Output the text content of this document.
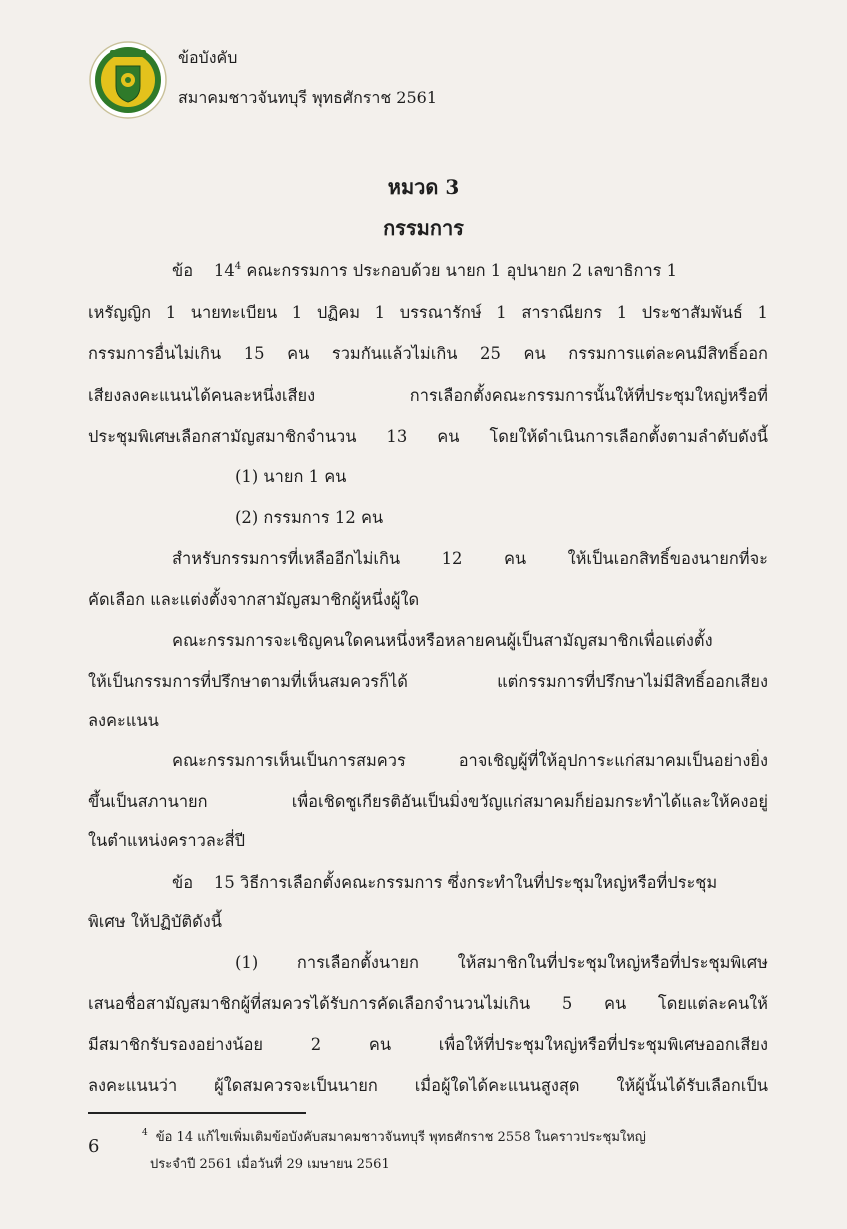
ข้อบังคับ
สมาคมชาวจันทบุรี พุทธศักราช 2561
หมวด 3
กรรมการ
ข้อ $14^4$ คณะกรรมการ ประกอบด้วย นายก 1 อุปนายก 2 เลขาธิการ 1
เหรัญญิก 1 นายทะเบียน 1 ปฏิคม 1 บรรณารักษ์ 1 สาราณียกร 1 ประชาสัมพันธ์ 1
กรรมการอื่นไม่เกิน 15 คน รวมกันแล้วไม่เกิน 25 คน กรรมการแต่ละคนมีสิทธิ์ออก
เสียงลงคะแนนได้คนละหนึ่งเสียง การเลือกตั้งคณะกรรมการนั้นให้ที่ประชุมใหญ่หรือที่
ประชุมพิเศษเลือกสามัญสมาชิกจำนวน 13 คน โดยให้ดำเนินการเลือกตั้งตามลำดับดังนี้
(1) นายก 1 คน
(2) กรรมการ 12 คน
สำหรับกรรมการที่เหลืออีกไม่เกิน 12 คน ให้เป็นเอกสิทธิ์ของนายกที่จะ
คัดเลือก และแต่งตั้งจากสามัญสมาชิกผู้หนึ่งผู้ใด
คณะกรรมการจะเชิญคนใดคนหนึ่งหรือหลายคนผู้เป็นสามัญสมาชิกเพื่อแต่งตั้ง
ให้เป็นกรรมการที่ปรึกษาตามที่เห็นสมควรก็ได้ แต่กรรมการที่ปรึกษาไม่มีสิทธิ์ออกเสียง
ลงคะแนน
คณะกรรมการเห็นเป็นการสมควร อาจเชิญผู้ที่ให้อุปการะแก่สมาคมเป็นอย่างยิ่ง
ขึ้นเป็นสภานายก เพื่อเชิดชูเกียรติอันเป็นมิ่งขวัญแก่สมาคมก็ย่อมกระทำได้และให้คงอยู่
ในตำแหน่งคราวละสี่ปี
ข้อ 15 วิธีการเลือกตั้งคณะกรรมการ ซึ่งกระทำในที่ประชุมใหญ่หรือที่ประชุม
พิเศษ ให้ปฏิบัติดังนี้
(1) การเลือกตั้งนายก ให้สมาชิกในที่ประชุมใหญ่หรือที่ประชุมพิเศษ
เสนอชื่อสามัญสมาชิกผู้ที่สมควรได้รับการคัดเลือกจำนวนไม่เกิน 5 คน โดยแต่ละคนให้
มีสมาชิกรับรองอย่างน้อย 2 คน เพื่อให้ที่ประชุมใหญ่หรือที่ประชุมพิเศษออกเสียง
ลงคะแนนว่า ผู้ใดสมควรจะเป็นนายก เมื่อผู้ใดได้คะแนนสูงสุด ให้ผู้นั้นได้รับเลือกเป็น
6
$^4$ ข้อ 14 แก้ไขเพิ่มเติมข้อบังคับสมาคมชาวจันทบุรี พุทธศักราช 2558 ในคราวประชุมใหญ่
ประจำปี 2561 เมื่อวันที่ 29 เมษายน 2561
